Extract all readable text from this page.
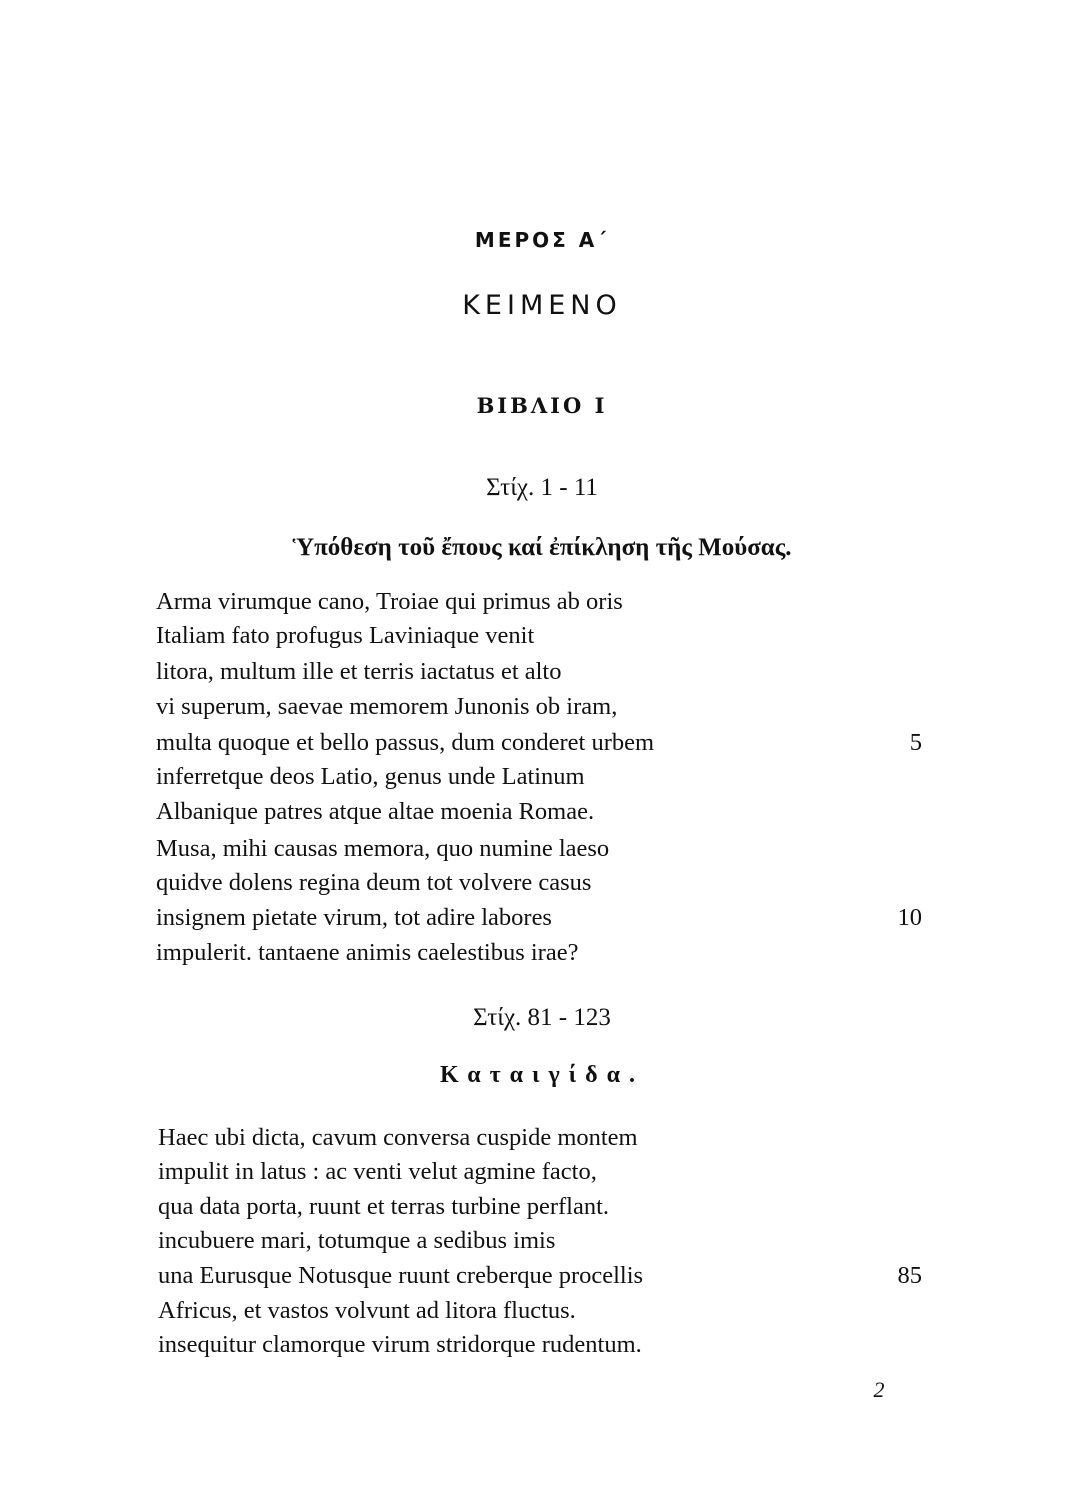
ΜΕΡΟΣ Α΄
ΚΕΙΜΕΝΟ
ΒΙΒΛΙΟ Ι
Στίχ. 1 - 11
Ὑπόθεση τοῦ ἔπους καί ἐπίκληση τῆς Μούσας.
Arma virumque cano, Troiae qui primus ab oris
Italiam fato profugus Laviniaque venit
litora, multum ille et terris iactatus et alto
vi superum, saevae memorem Junonis ob iram,
multa quoque et bello passus, dum conderet urbem	5
inferretque deos Latio, genus unde Latinum
Albanique patres atque altae moenia Romae.
Musa, mihi causas memora, quo numine laeso
quidve dolens regina deum tot volvere casus
insignem pietate virum, tot adire labores	10
impulerit. tantaene animis caelestibus irae?
Στίχ. 81 - 123
Καταιγίδα.
Haec ubi dicta, cavum conversa cuspide montem
impulit in latus : ac venti velut agmine facto,
qua data porta, ruunt et terras turbine perflant.
incubuere mari, totumque a sedibus imis
una Eurusque Notusque ruunt creberque procellis	85
Africus, et vastos volvunt ad litora fluctus.
insequitur clamorque virum stridorque rudentum.
2
